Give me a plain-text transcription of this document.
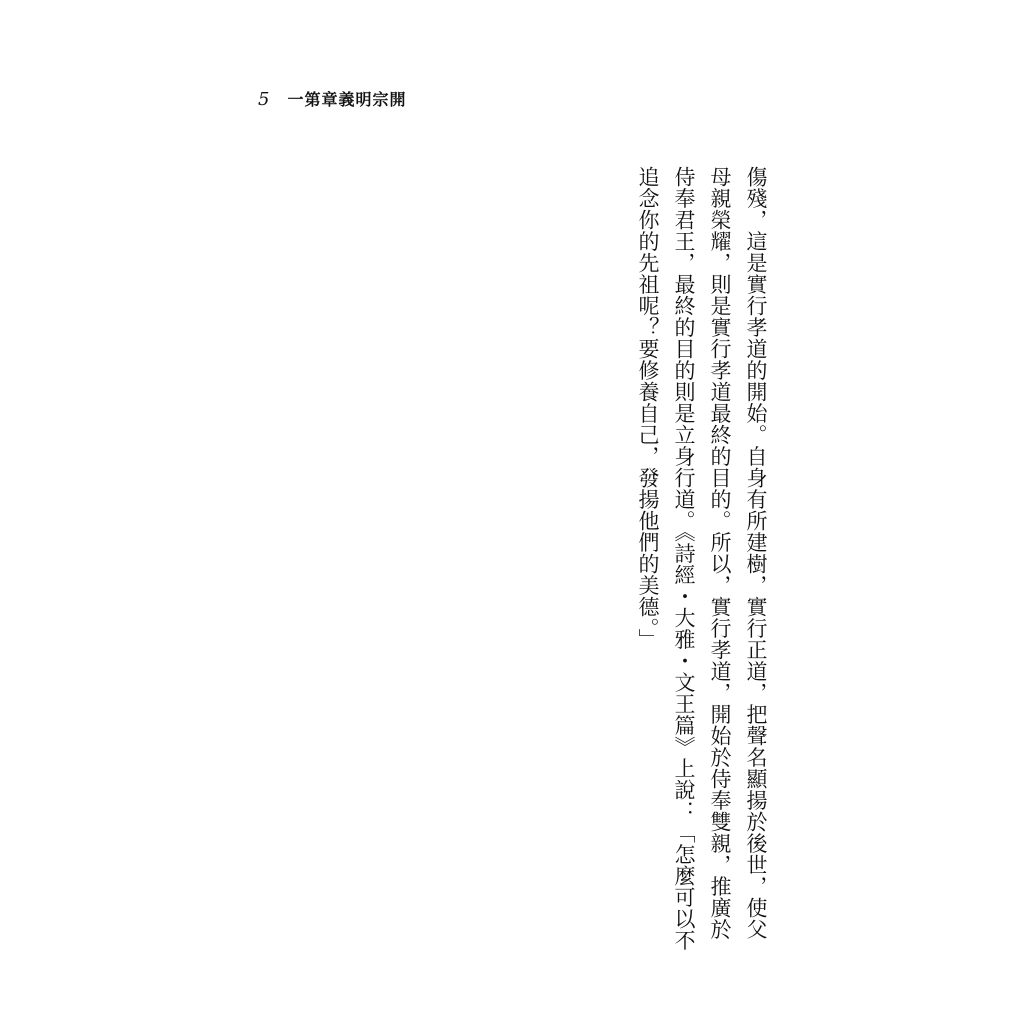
5 一第章義明宗開
傷殘，這是實行孝道的開始。自身有所建樹，實行正道，把聲名顯揚於後世，使父
母親榮耀，則是實行孝道最終的目的。所以，實行孝道，開始於侍奉雙親，推廣於
侍奉君王，最終的目的則是立身行道。《詩經・大雅・文王篇》上說：「怎麼可以不
追念你的先祖呢？要修養自己，發揚他們的美德。」
